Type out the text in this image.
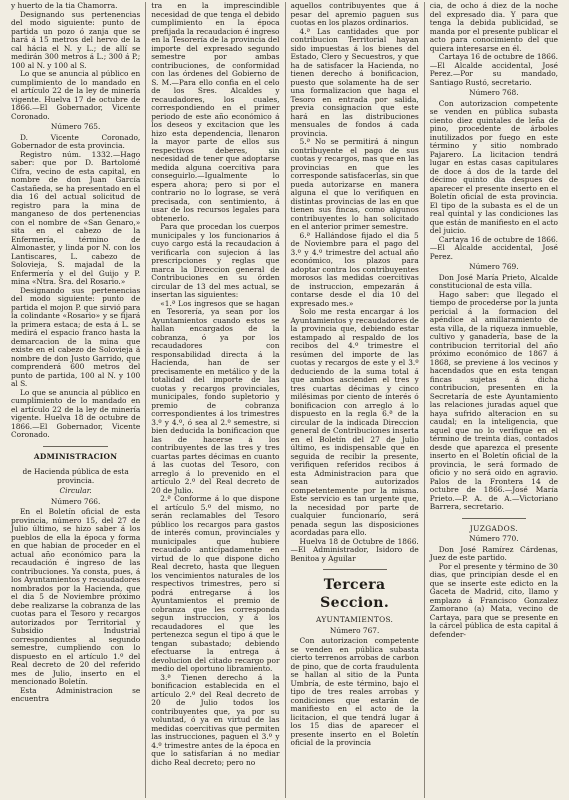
y huerto de la tia Chamorra.

Designando sus pertenencias del modo siguiente: punto de partida un pozo ó zanja que se hará á 15 metros del hervo de la cal hácia el N. y L.; de allí se medirán 300 metros á L.; 300 á P.; 100 al N. y 100 al S.

Lo que se anuncia al público en cumplimiento de lo mandado en el artículo 22 de la ley de minería vigente. Huelva 17 de octubre de 1866.—El Gobernador, Vicente Coronado.

Número 765.

D. Vicente Coronado, Gobernador de esta provincia.

Registro núm. 1332.—Hago saber: que por D. Bartolomé Cifra, vecino de esta capital, en nombre de don Juan García Castañeda, se ha presentado en el dia 16 del actual solicitud de registro para la mina de manganeso de dos pertenencias con el nombre de «San Genaro,» sita en el cabezo de la Enfermería, término de Almonaster, y linda por N. con los Lantiscares, L. cabezo de Solovieja, S. majadal de la Enfermería y el del Guijo y P. mina «Ntra. Sra. del Rosario.»

Designando sus pertenencias del modo siguiente: punto de partida el mojon P. que sirvió para la colindante «Rosario» y se fijará la primera estaca; de esta á L. se medirá el espacio franco hasta la demarcacion de la mina que existe en el cabezo de Solovieja á nombre de don Justo Garrido, que comprenderá 600 metros del punto de partida, 100 al N. y 100 al S.

Lo que se anuncia al público en cumplimiento de lo mandado en el artículo 22 de la ley de minería vigente. Huelva 18 de octubre de 1866.—El Gobernador, Vicente Coronado.

ADMINISTRACION

de Hacienda pública de esta provincia.

Circular.

Número 766.

En el Boletín oficial de esta provincia, número 15, del 27 de Julio último, se hizo saber á los pueblos de ella la época y forma en que habian de proceder en el actual año económico para la recaudación é ingreso de las contribuciones. Ya consta, pues, á los Ayuntamientos y recaudadores nombrados por la Hacienda, que el dia 5 de Noviembre próximo debe realizarse la cobranza de las cuotas para el Tesoro y recargos autorizados por Territorial y Subsidio Industrial correspondientes al segundo semestre, cumpliendo con lo dispuesto en el artículo 1.º del Real decreto de 20 del referido mes de Julio, inserto en el mencionado Boletín.

Esta Administracion se encuentra

tra en la imprescindible necesidad de que tenga el debido cumplimiento en la época prefijada la recaudacion é ingreso en la Tesorería de la provincia del importe del expresado segundo semestre por ambas contribuciones, de conformidad con las órdenes del Gobierno de S. M.—Para ello confia en el celo de los Sres. Alcaldes y recaudadores, los cuales, correspondiendo en el primer periodo de este año económico á los deseos y excitacion que les hizo esta dependencia, llenaron la mayor parte de ellos sus respectivos deberes, sin necesidad de tener que adoptarse medida alguna coercitiva para conseguirlo.—Igualmente lo espera ahora; pero si por el contrario no lo lograse, se verá precisada, con sentimiento, á usar de los recursos legales para obtenerlo.

Para que procedan los cuerpos municipales y los funcionarios á cuyo cargo está la recaudacion á verificarla con sujecion á las prescripciones y reglas que marca la Direccion general de Contribuciones en su órden circular de 13 del mes actual, se insertan las siguientes:

«1.ª Los ingresos que se hagan en Tesorería, ya sean por los Ayuntamientos cuando estos se hallan encargados de la cobranza, ó ya por los recaudadores con responsabilidad directa á la Hacienda, han de ser precisamente en metálico y de la totalidad del importe de las cuotas y recargos provinciales, municipales, fondo supletorio y premio de cobranza correspondientes á los trimestres 3.º y 4.º, ó sea al 2.º semestre, si bien deducida la bonificacion que las de hacerse á los contribuyentes de las tres y tres cuartas partes décimas en cuanto á las cuotas del Tesoro, con arreglo á lo prevenido en el artículo 2.º del Real decreto de 20 de Julio.

2.ª Conforme á lo que dispone el artículo 5.º del mismo, no serán reclamables del Tesoro público los recargos para gastos de interés comun, provinciales y municipales que hubiere recaudado anticipadamente en virtud de lo que dispone dicho Real decreto, hasta que lleguen los vencimientos naturales de los respectivos trimestres, pero sí podrá entregarse á los Ayuntamientos el premio de cobranza que les corresponda segun instruccion, y á los recaudadores el que les pertenezca segun el tipo á que le tengan subastado; debiendo efectuarse la entrega á devolucion del citado recargo por medio del oportuno libramiento.

3.ª Tienen derecho á la bonificacion establecida en el artículo 2.º del Real decreto de 20 de Julio todos los contribuyentes que, ya por su voluntad, ó ya en virtud de las medidas coercitivas que permiten las instrucciones, paguen el 3.º y 4.º trimestre antes de la época en que lo satisfarían á no mediar dicho Real decreto; pero no

aquellos contribuyentes que á pesar del apremio paguen sus cuotas en los plazos ordinarios.

4.ª Las cantidades que por contribucion Territorial hayan sido impuestas á los bienes del Estado, Clero y Secuestros, y que ha de satisfacer la Hacienda, no tienen derecho á bonificacion, puesto que solamente ha de ser una formalizacion que haga el Tesoro en entrada por salida, previa consignacion que este hará en las distribuciones mensuales de fondos á cada provincia.

5.ª No se permitirá á ningun contribuyente el pago de sus cuotas y recargos, mas que en las provincias en que les corresponde satisfacerlas, sin que pueda autorizarse en manera alguna el que lo verifiquen en distintas provincias de las en que tienen sus fincas, como algunos contribuyentes lo han solicitado en el anterior primer semestre.

6.ª Hallándose fijado el dia 5 de Noviembre para el pago del 3.º y 4.º trimestre del actual año económico, los plazos para adoptar contra los contribuyentes morosos las medidas coercitivas de instruccion, empezarán á contarse desde el dia 10 del expresado mes.»

Solo me resta encargar á los Ayuntamientos y recaudadores de la provincia que, debiendo estar estampado al respaldo de los recibos del 4.º trimestre el resúmen del importe de las cuotas y recargos de este y el 3.º deduciendo de la suma total á que ambos ascienden el tres y tres cuartas décimas y cinco milésimas por ciento de interés ó bonificacion con arreglo á lo dispuesto en la regla 6.ª de la circular de la indicada Direccion general de Contribuciones inserta en el Boletín del 27 de Julio último, es indispensable que en seguida de recibir la presente, verifiquen referidos recibos á esta Administracion para que sean autorizados competentemente por la misma. Este servicio es tan urgente que, la necesidad por parte de cualquier funcionario, será penada segun las disposiciones acordadas para ello.

Huelva 18 de Octubre de 1866. —El Administrador, Isidoro de Benitoa y Aguilar

Tercera Seccion.

AYUNTAMIENTOS.

Número 767.

Con autorizacion competente se venden en pública subasta cierto terrenos arrobas de carbon de pino, que de corta fraudulenta se hallan al sitio de la Punta Umbría, de este término, bajo el tipo de tres reales arrobas y condiciones que estarán de manifiesto en el acto de la licitacion, el que tendrá lugar á los 15 dias de aparecer el presente inserto en el Boletín oficial de la provincia

cia, de ocho á diez de la noche del expresado dia. Y para que tenga la debida publicidad, se manda por el presente publicar el acto para conocimiento del que quiera interesarse en él.

Cartaya 16 de octubre de 1866. —El Alcalde accidental, José Perez.—Por su mandado, Santiago Rustó, secretario.

Número 768.

Con autorizacion competente se venden en pública subasta ciento diez quintales de leña de pino, procedente de árboles inutilizados por fuego en este término y sitio nombrado Pajarero. La licitacion tendrá lugar en estas casas capitulares de doce á dos de la tarde del décimo quinto dia despues de aparecer el presente inserto en el Boletín oficial de esta provincia. El tipo de la subasta es el de un real quintal y las condiciones las que están de manifiesto en el acto del juicio.

Cartaya 16 de octubre de 1866. —El Alcalde accidental, José Perez.

Número 769.

Don José María Prieto, Alcalde constitucional de esta villa.

Hago saber: que llegado el tiempo de procederse por la junta pericial á la formacion del apéndice al amillaramiento de esta villa, de la riqueza inmueble, cultivo y ganadería, base de la contribucion territorial del año próximo económico de 1867 á 1868, se previene á los vecinos y hacendados que en esta tengan fincas sujetas á dicha contribucion, presenten en la Secretaría de este Ayuntamiento las relaciones juradas aquel que haya sufrido alteracion en su caudal; en la inteligencia, que aquel que no lo verifique en el término de treinta dias, contados desde que aparezca el presente inserto en el Boletín oficial de la provincia, le será formado de oficio y no será oido en agravio. Palos de la Frontera 14 de octubre de 1866.—José María Prieto.—P. A. de A.—Victoriano Barrera, secretario.

JUZGADOS.

Número 770.

Don José Ramírez Cárdenas, Juez de este partido.

Por el presente y término de 30 dias, que principian desde el en que se inserte este edicto en la Gaceta de Madrid, cito, llamo y emplazo á Francisco Gonzalez Zamorano (a) Mata, vecino de Cartaya, para que se presente en la cárcel pública de esta capital á defender-
